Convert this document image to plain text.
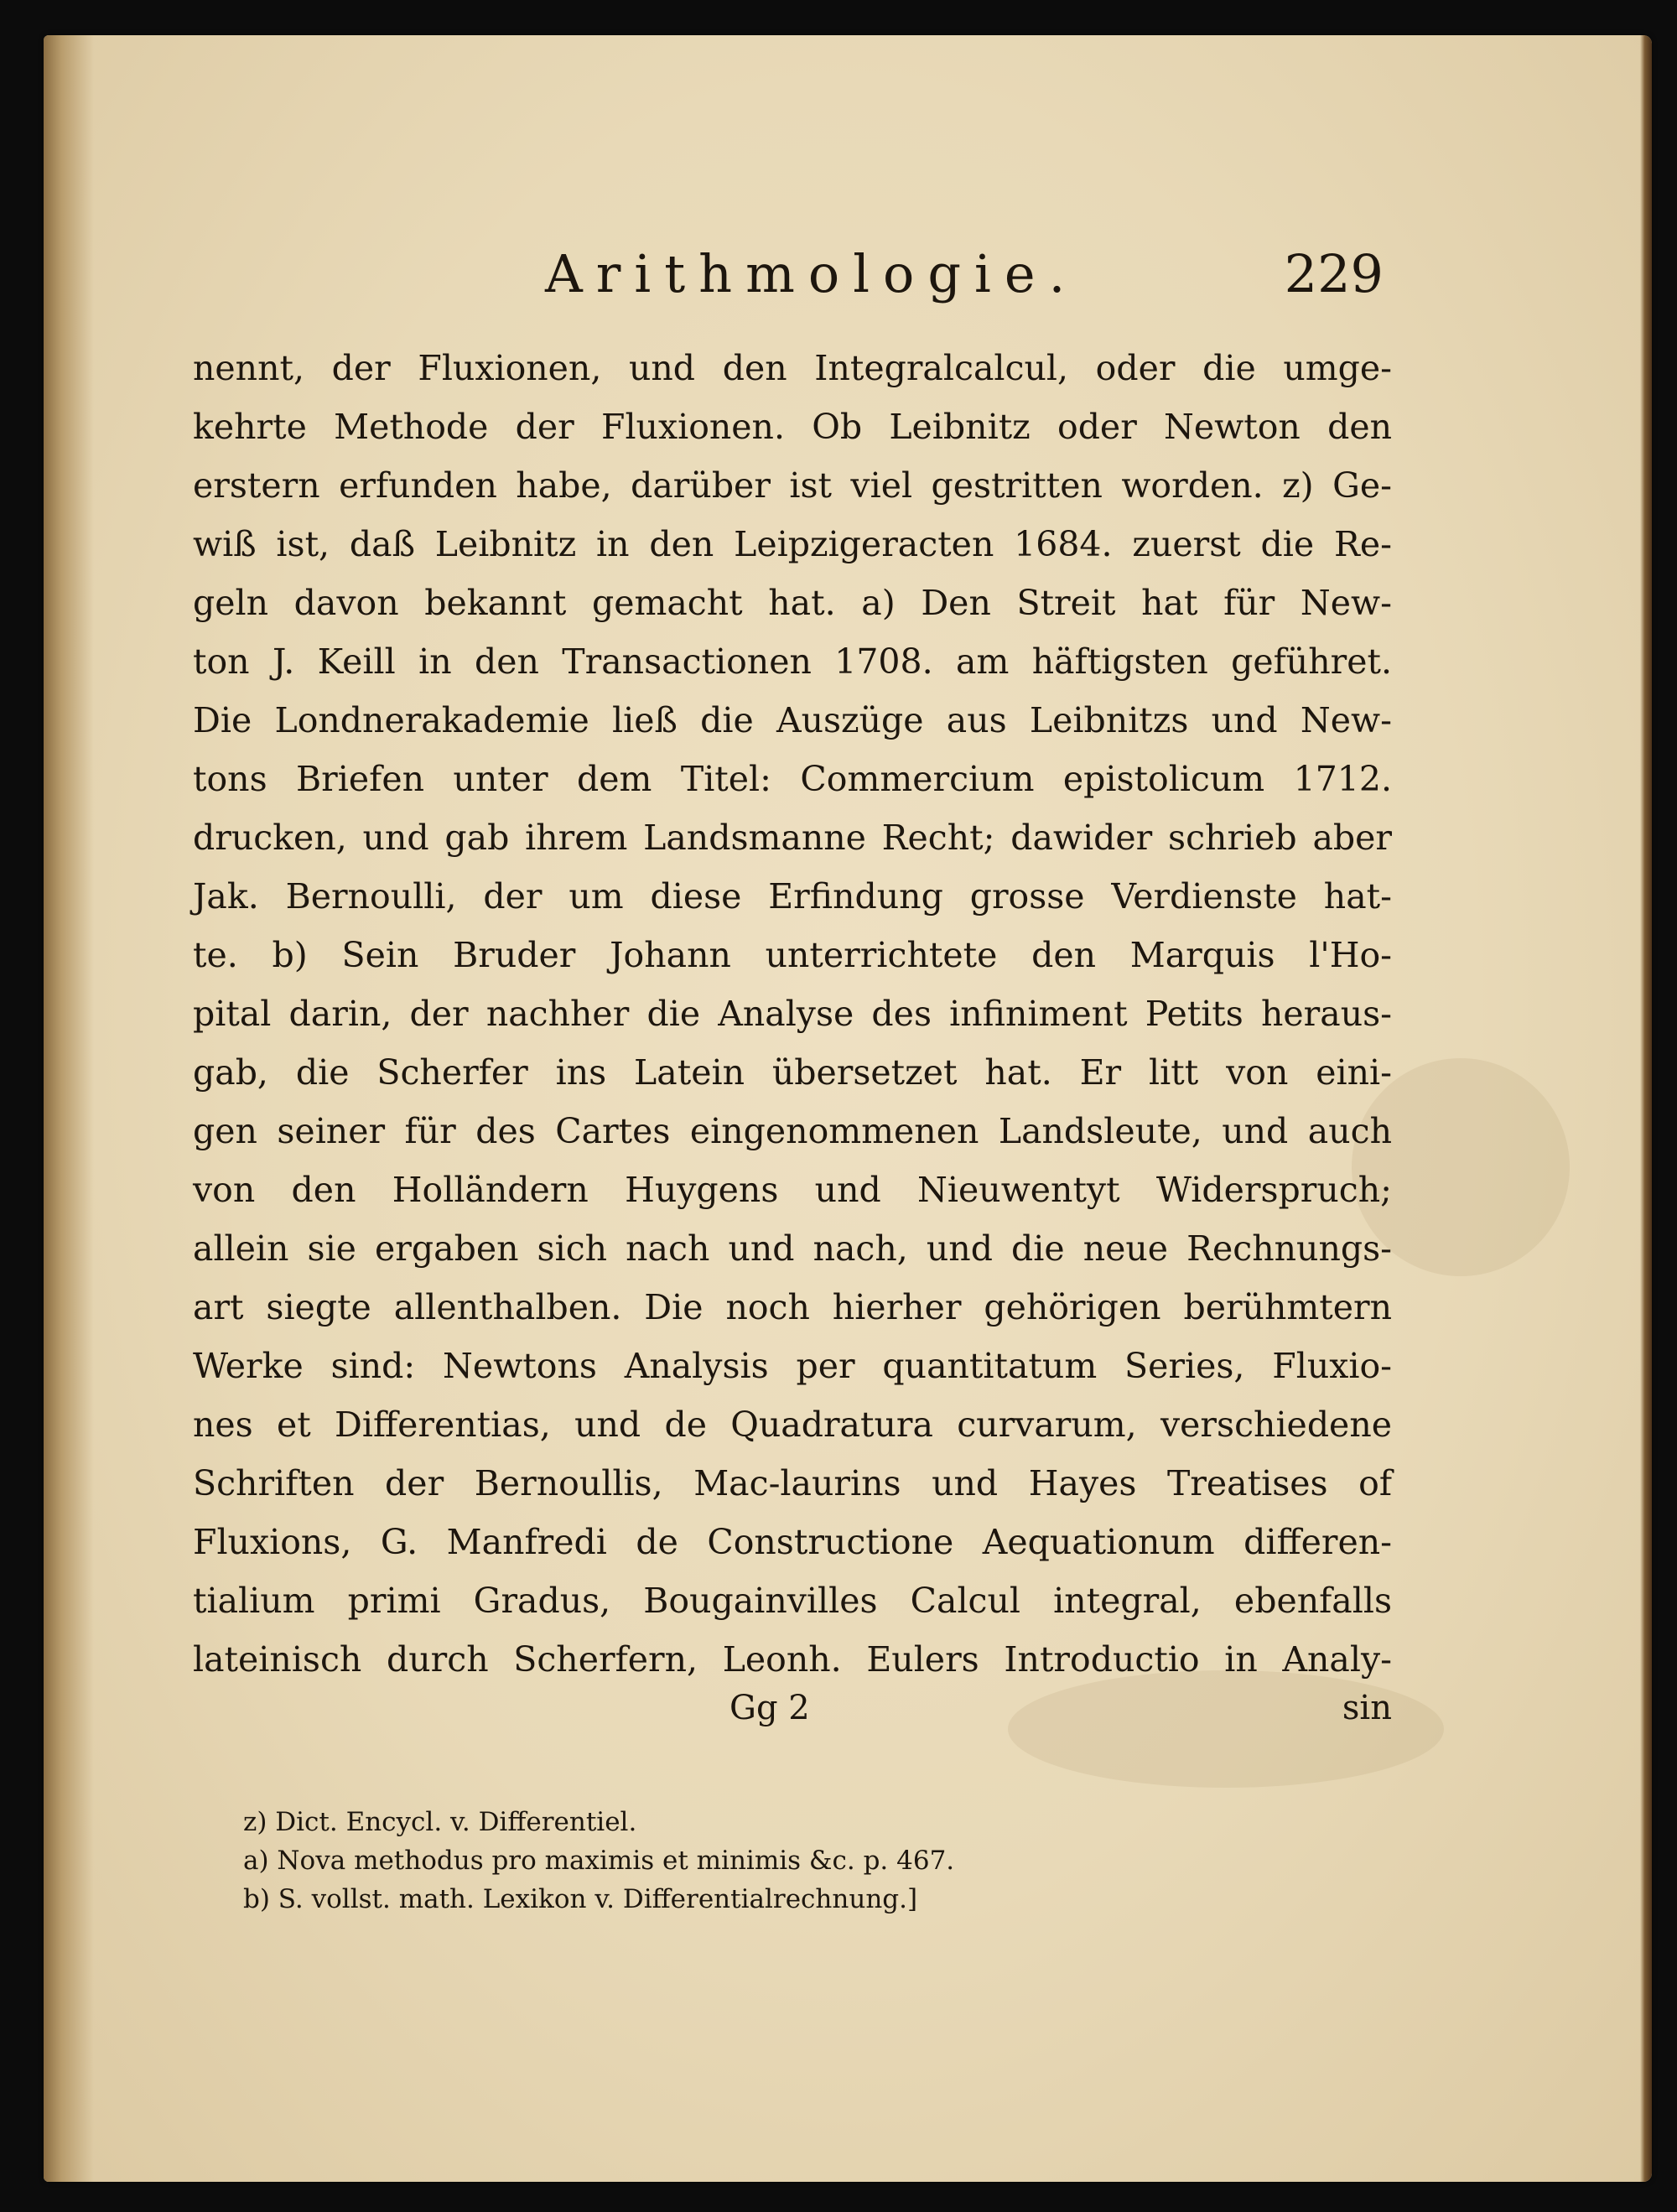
Arithmologie.	229
nennt, der Fluxionen, und den Integralcalcul, oder die umge-
kehrte Methode der Fluxionen. Ob Leibnitz oder Newton den
erstern erfunden habe, darüber ist viel gestritten worden. z) Ge-
wiß ist, daß Leibnitz in den Leipzigeracten 1684. zuerst die Re-
geln davon bekannt gemacht hat. a) Den Streit hat für New-
ton J. Keill in den Transactionen 1708. am häftigsten geführet.
Die Londnerakademie ließ die Auszüge aus Leibnitzs und New-
tons Briefen unter dem Titel: Commercium epistolicum 1712.
drucken, und gab ihrem Landsmanne Recht; dawider schrieb aber
Jak. Bernoulli, der um diese Erfindung grosse Verdienste hat-
te. b) Sein Bruder Johann unterrichtete den Marquis l'Ho-
pital darin, der nachher die Analyse des infiniment Petits heraus-
gab, die Scherfer ins Latein übersetzet hat. Er litt von eini-
gen seiner für des Cartes eingenommenen Landsleute, und auch
von den Holländern Huygens und Nieuwentyt Widerspruch;
allein sie ergaben sich nach und nach, und die neue Rechnungs-
art siegte allenthalben. Die noch hierher gehörigen berühmtern
Werke sind: Newtons Analysis per quantitatum Series, Fluxio-
nes et Differentias, und de Quadratura curvarum, verschiedene
Schriften der Bernoullis, Mac-laurins und Hayes Treatises of
Fluxions, G. Manfredi de Constructione Aequationum differen-
tialium primi Gradus, Bougainvilles Calcul integral, ebenfalls
lateinisch durch Scherfern, Leonh. Eulers Introductio in Analy-
Gg 2	sin
z) Dict. Encycl. v. Differentiel.
a) Nova methodus pro maximis et minimis &c. p. 467.
b) S. vollst. math. Lexikon v. Differentialrechnung.]
